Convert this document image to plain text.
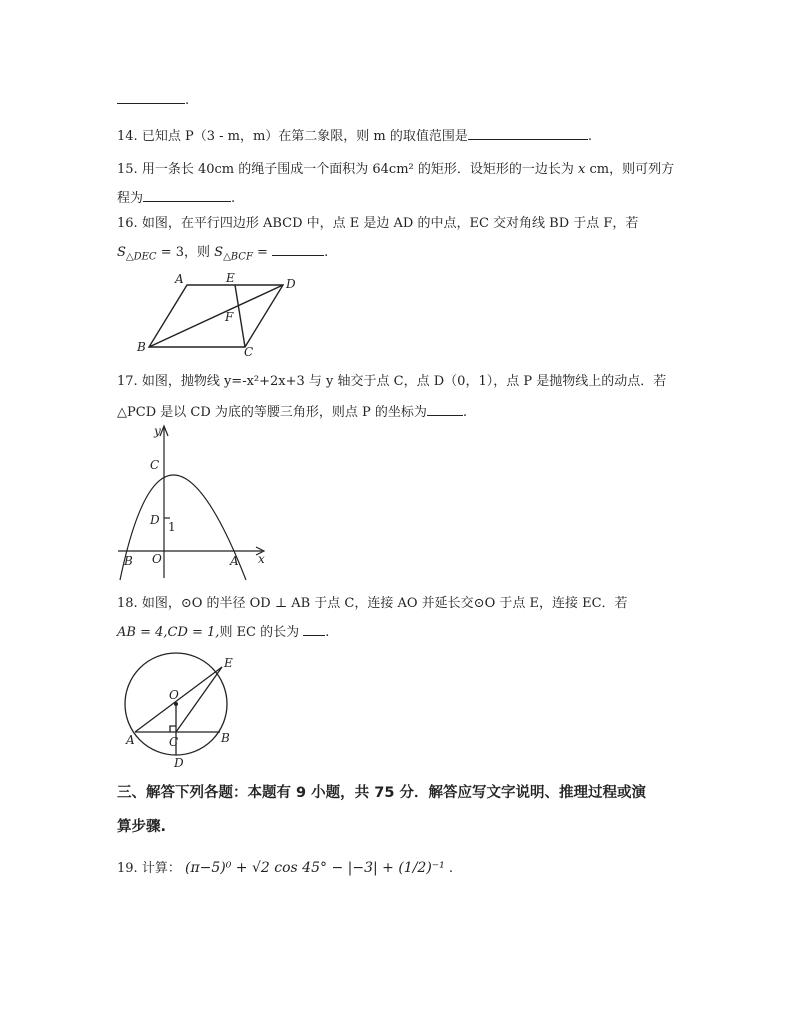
.
14. 已知点 P（3 - m，m）在第二象限，则 m 的取值范围是	.
15. 用一条长 40cm 的绳子围成一个面积为 64cm² 的矩形．设矩形的一边长为 x cm，则可列方
程为	.
16. 如图，在平行四边形 ABCD 中，点 E 是边 AD 的中点，EC 交对角线 BD 于点 F，若
$S_{\triangle DEC} = 3$，则 $S_{\triangle BCF}$ =	.
A	E	D
F
B	C
17. 如图，抛物线 y=-x²+2x+3 与 y 轴交于点 C，点 D（0，1），点 P 是抛物线上的动点．若
△PCD 是以 CD 为底的等腰三角形，则点 P 的坐标为	.
y
x
C
D 1
O
B	A
18. 如图，⊙O 的半径 OD ⊥ AB 于点 C，连接 AO 并延长交⊙O 于点 E，连接 EC．若
AB = 4,CD = 1,则 EC 的长为 .
E
O
A	C	B
D
三、解答下列各题：本题有 9 小题，共 75 分．解答应写文字说明、推理过程或演
算步骤.
19. 计算： (π−5)⁰ + √2 cos 45° − |−3| + (1/2)⁻¹ .
